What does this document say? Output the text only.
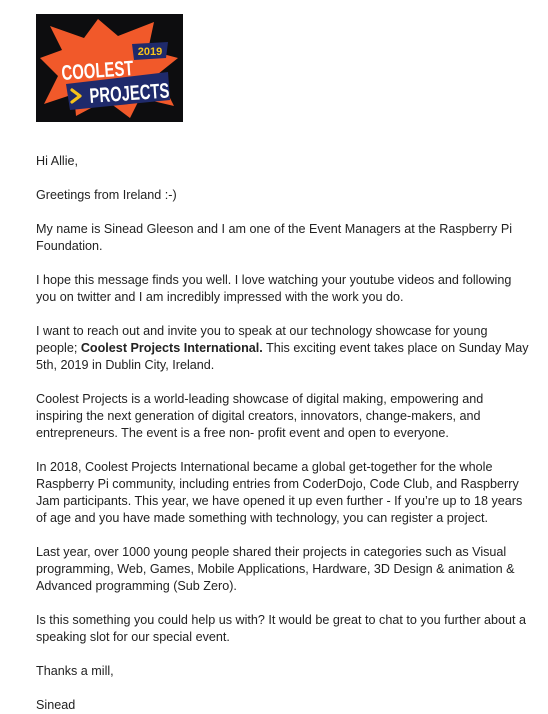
2019
COOLEST
PROJECTS

Hi Allie,

Greetings from Ireland :-)

My name is Sinead Gleeson and I am one of the Event Managers at the Raspberry Pi Foundation.

I hope this message finds you well. I love watching your youtube videos and following you on twitter and I am incredibly impressed with the work you do.

I want to reach out and invite you to speak at our technology showcase for young people; Coolest Projects International. This exciting event takes place on Sunday May 5th, 2019 in Dublin City, Ireland.

Coolest Projects is a world-leading showcase of digital making, empowering and inspiring the next generation of digital creators, innovators, change-makers, and entrepreneurs. The event is a free non- profit event and open to everyone.

In 2018, Coolest Projects International became a global get-together for the whole Raspberry Pi community, including entries from CoderDojo, Code Club, and Raspberry Jam participants. This year, we have opened it up even further - If you’re up to 18 years of age and you have made something with technology, you can register a project.

Last year, over 1000 young people shared their projects in categories such as Visual programming, Web, Games, Mobile Applications, Hardware, 3D Design & animation & Advanced programming (Sub Zero).

Is this something you could help us with? It would be great to chat to you further about a speaking slot for our special event.

Thanks a mill,

Sinead
